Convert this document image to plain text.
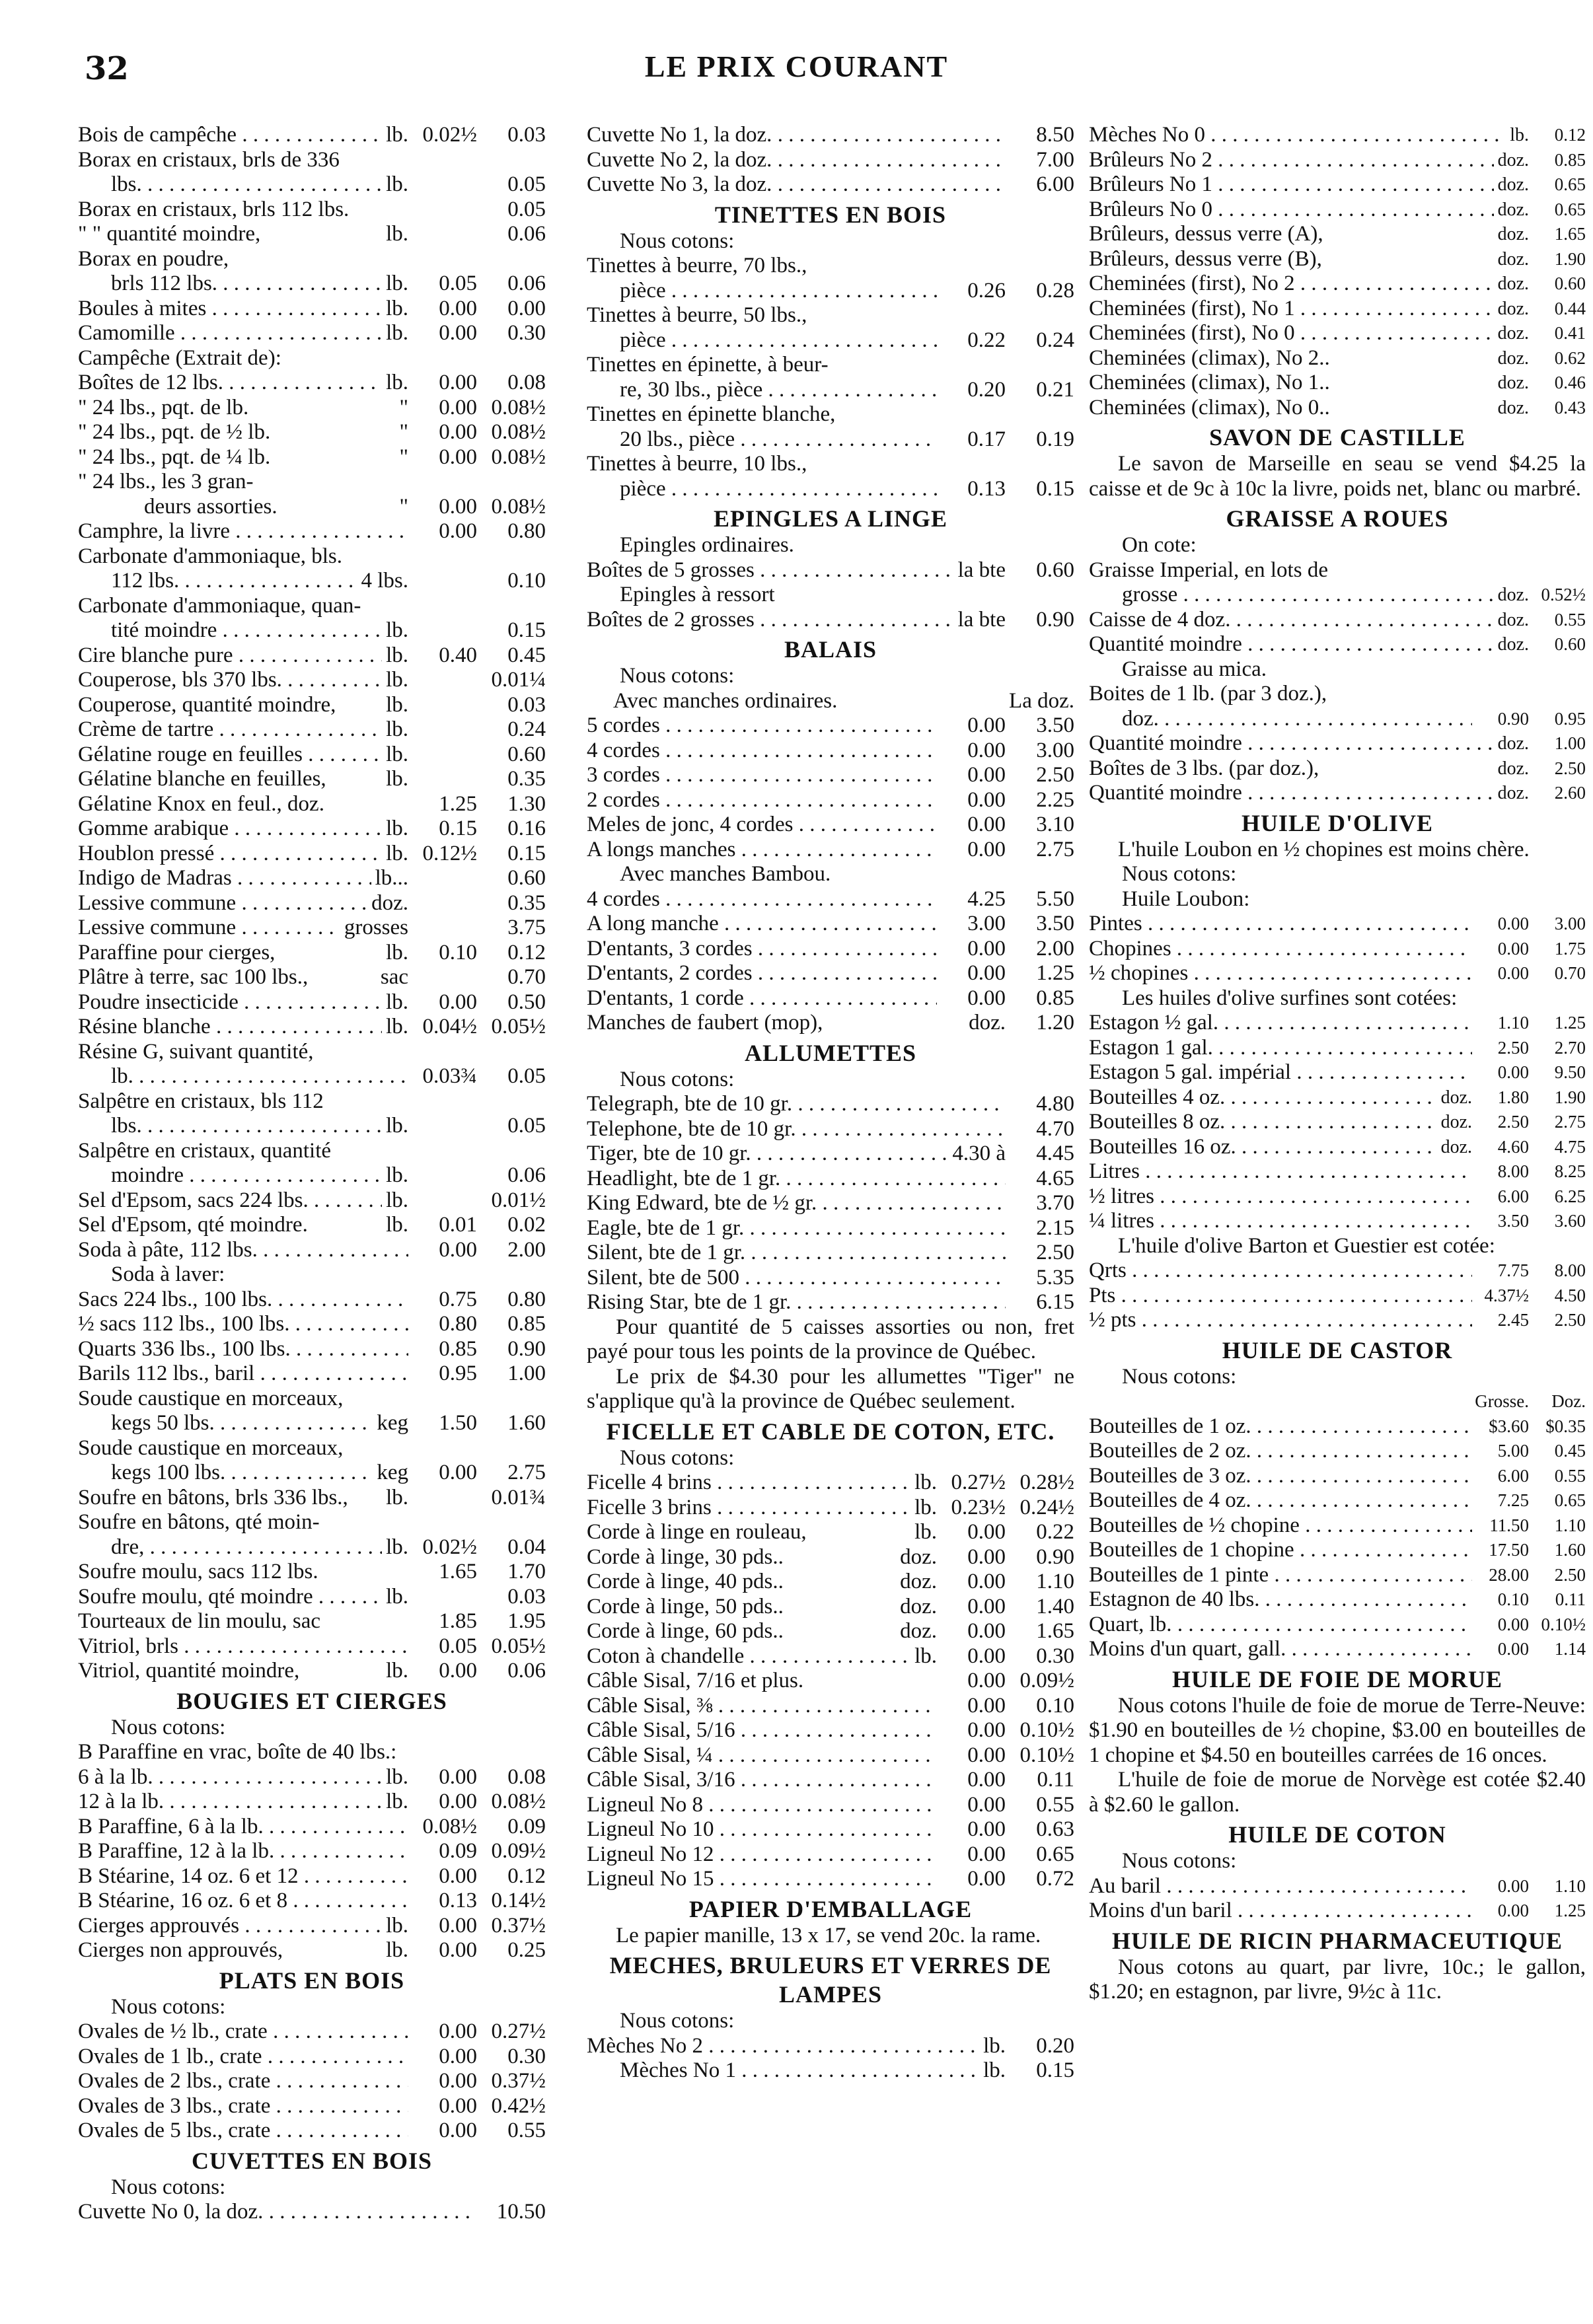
32	LE PRIX COURANT
Bois de campêche . . .	lb. 0.02½	0.03
Borax en cristaux, brls de 336
lbs. . . .	lb.	0.05
Borax en cristaux, brls 112 lbs.	0.05
" " quantité moindre,	lb.	0.06
Borax en poudre,
brls 112 lbs. . . .	lb.	0.05	0.06
Boules à mites . . .	lb.	0.00	0.00
Camomille . . .	lb.	0.00	0.30
Campêche (Extrait de):
Boîtes de 12 lbs. . . .	lb.	0.00	0.08
" 24 lbs., pqt. de lb.	"	0.00 0.08½
" 24 lbs., pqt. de ½ lb.	"	0.00 0.08½
" 24 lbs., pqt. de ¼ lb.	"	0.00 0.08½
" 24 lbs., les 3 gran-
deurs assorties.	"	0.00 0.08½
Camphre, la livre . . .	0.00	0.80
Carbonate d'ammoniaque, bls.
112 lbs. . . .	4 lbs.	0.10
Carbonate d'ammoniaque, quan-
tité moindre . . .	lb.	0.15
Cire blanche pure . . .	lb.	0.40	0.45
Couperose, bls 370 lbs. . . .	lb.	0.01¼
Couperose, quantité moindre,	lb.	0.03
Crème de tartre . . .	lb.	0.24
Gélatine rouge en feuilles . . .	lb.	0.60
Gélatine blanche en feuilles,	lb.	0.35
Gélatine Knox en feul., doz.	1.25	1.30
Gomme arabique . . .	lb.	0.15	0.16
Houblon pressé . . .	lb. 0.12½	0.15
Indigo de Madras . . .	lb...	0.60
Lessive commune . . .	doz.	0.35
Lessive commune . . .	grosses	3.75
Paraffine pour cierges,	lb.	0.10	0.12
Plâtre à terre, sac 100 lbs.,	sac	0.70
Poudre insecticide . . .	lb.	0.00	0.50
Résine blanche . . .	lb. 0.04½ 0.05½
Résine G, suivant quantité,
lb. . . .	0.03¾	0.05
Salpêtre en cristaux, bls 112
lbs. . . .	lb.	0.05
Salpêtre en cristaux, quantité
moindre . . .	lb.	0.06
Sel d'Epsom, sacs 224 lbs. . . .	lb.	0.01½
Sel d'Epsom, qté moindre.	lb.	0.01	0.02
Soda à pâte, 112 lbs. . . .	0.00	2.00
Soda à laver:
Sacs 224 lbs., 100 lbs. . . .	0.75	0.80
½ sacs 112 lbs., 100 lbs. . . .	0.80	0.85
Quarts 336 lbs., 100 lbs. . . .	0.85	0.90
Barils 112 lbs., baril . . .	0.95	1.00
Soude caustique en morceaux,
kegs 50 lbs. . . .	keg	1.50	1.60
Soude caustique en morceaux,
kegs 100 lbs. . . .	keg	0.00	2.75
Soufre en bâtons, brls 336 lbs.,	lb.	0.01¾
Soufre en bâtons, qté moin-
dre, . . .	lb. 0.02½	0.04
Soufre moulu, sacs 112 lbs.	1.65	1.70
Soufre moulu, qté moindre . . .	lb.	0.03
Tourteaux de lin moulu, sac	1.85	1.95
Vitriol, brls . . .	0.05 0.05½
Vitriol, quantité moindre,	lb.	0.00	0.06
BOUGIES ET CIERGES
Nous cotons:
B Paraffine en vrac, boîte de 40 lbs.:
6 à la lb. . . .	lb.	0.00	0.08
12 à la lb. . . .	lb.	0.00 0.08½
B Paraffine, 6 à la lb. . . .	0.08½	0.09
B Paraffine, 12 à la lb. . . .	0.09 0.09½
B Stéarine, 14 oz. 6 et 12 . . .	0.00	0.12
B Stéarine, 16 oz. 6 et 8 . . .	0.13 0.14½
Cierges approuvés . . .	lb.	0.00 0.37½
Cierges non approuvés,	lb.	0.00	0.25
PLATS EN BOIS
Nous cotons:
Ovales de ½ lb., crate . . .	0.00 0.27½
Ovales de 1 lb., crate . . .	0.00	0.30
Ovales de 2 lbs., crate . . .	0.00 0.37½
Ovales de 3 lbs., crate . . .	0.00 0.42½
Ovales de 5 lbs., crate . . .	0.00	0.55
CUVETTES EN BOIS
Nous cotons:
Cuvette No 0, la doz. . . .	10.50
Cuvette No 1, la doz. . . .	8.50
Cuvette No 2, la doz. . . .	7.00
Cuvette No 3, la doz. . . .	6.00
TINETTES EN BOIS
Nous cotons:
Tinettes à beurre, 70 lbs.,
pièce . . .	0.26	0.28
Tinettes à beurre, 50 lbs.,
pièce . . .	0.22	0.24
Tinettes en épinette, à beur-
re, 30 lbs., pièce . . .	0.20	0.21
Tinettes en épinette blanche,
20 lbs., pièce . . .	0.17	0.19
Tinettes à beurre, 10 lbs.,
pièce . . .	0.13	0.15
EPINGLES A LINGE
Epingles ordinaires.
Boîtes de 5 grosses . . .	la bte	0.60
Epingles à ressort
Boîtes de 2 grosses . . .	la bte	0.90
BALAIS
Nous cotons:
Avec manches ordinaires.	La doz.
5 cordes . . .	0.00	3.50
4 cordes . . .	0.00	3.00
3 cordes . . .	0.00	2.50
2 cordes . . .	0.00	2.25
Meles de jonc, 4 cordes . . .	0.00	3.10
A longs manches . . .	0.00	2.75
Avec manches Bambou.
4 cordes . . .	4.25	5.50
A long manche . . .	3.00	3.50
D'entants, 3 cordes . . .	0.00	2.00
D'entants, 2 cordes . . .	0.00	1.25
D'entants, 1 corde . . .	0.00	0.85
Manches de faubert (mop),	doz.	1.20
ALLUMETTES
Nous cotons:
Telegraph, bte de 10 gr. . . .	4.80
Telephone, bte de 10 gr. . . .	4.70
Tiger, bte de 10 gr. . . .	4.30 à	4.45
Headlight, bte de 1 gr. . . .	4.65
King Edward, bte de ½ gr. . . .	3.70
Eagle, bte de 1 gr. . . .	2.15
Silent, bte de 1 gr. . . .	2.50
Silent, bte de 500 . . .	5.35
Rising Star, bte de 1 gr. . . .	6.15
Pour quantité de 5 caisses assorties ou non, fret payé pour tous les points de la province de Québec.
Le prix de $4.30 pour les allumettes "Tiger" ne s'applique qu'à la province de Québec seulement.
FICELLE ET CABLE DE COTON, ETC.
Nous cotons:
Ficelle 4 brins . . .	lb. 0.27½ 0.28½
Ficelle 3 brins . . .	lb. 0.23½ 0.24½
Corde à linge en rouleau,	lb.	0.00	0.22
Corde à linge, 30 pds..	doz.	0.00	0.90
Corde à linge, 40 pds..	doz.	0.00	1.10
Corde à linge, 50 pds..	doz.	0.00	1.40
Corde à linge, 60 pds..	doz.	0.00	1.65
Coton à chandelle . . .	lb.	0.00	0.30
Câble Sisal, 7/16 et plus.	0.00 0.09½
Câble Sisal, ⅜ . . .	0.00	0.10
Câble Sisal, 5/16 . . .	0.00 0.10½
Câble Sisal, ¼ . . .	0.00 0.10½
Câble Sisal, 3/16 . . .	0.00	0.11
Ligneul No 8 . . .	0.00	0.55
Ligneul No 10 . . .	0.00	0.63
Ligneul No 12 . . .	0.00	0.65
Ligneul No 15 . . .	0.00	0.72
PAPIER D'EMBALLAGE
Le papier manille, 13 x 17, se vend 20c. la rame.
MECHES, BRULEURS ET VERRES DE LAMPES
Nous cotons:
Mèches No 2 . . .	lb.	0.20
Mèches No 1 . . .	lb.	0.15
Mèches No 0 . . .	lb.	0.12
Brûleurs No 2 . . .	doz.	0.85
Brûleurs No 1 . . .	doz.	0.65
Brûleurs No 0 . . .	doz.	0.65
Brûleurs, dessus verre (A),	doz.	1.65
Brûleurs, dessus verre (B),	doz.	1.90
Cheminées (first), No 2 . . .	doz.	0.60
Cheminées (first), No 1 . . .	doz.	0.44
Cheminées (first), No 0 . . .	doz.	0.41
Cheminées (climax), No 2..	doz.	0.62
Cheminées (climax), No 1..	doz.	0.46
Cheminées (climax), No 0..	doz.	0.43
SAVON DE CASTILLE
Le savon de Marseille en seau se vend $4.25 la caisse et de 9c à 10c la livre, poids net, blanc ou marbré.
GRAISSE A ROUES
On cote:
Graisse Imperial, en lots de
grosse . . .	doz. 0.52½
Caisse de 4 doz. . . .	doz.	0.55
Quantité moindre . . .	doz.	0.60
Graisse au mica.
Boites de 1 lb. (par 3 doz.),
doz. . . .	0.90	0.95
Quantité moindre . . .	doz.	1.00
Boîtes de 3 lbs. (par doz.),	doz.	2.50
Quantité moindre . . .	doz.	2.60
HUILE D'OLIVE
L'huile Loubon en ½ chopines est moins chère.
Nous cotons:
Huile Loubon:
Pintes . . .	0.00	3.00
Chopines . . .	0.00	1.75
½ chopines . . .	0.00	0.70
Les huiles d'olive surfines sont cotées:
Estagon ½ gal. . . .	1.10	1.25
Estagon 1 gal. . . .	2.50	2.70
Estagon 5 gal. impérial . . .	0.00	9.50
Bouteilles 4 oz. . . .	doz.	1.80	1.90
Bouteilles 8 oz. . . .	doz.	2.50	2.75
Bouteilles 16 oz. . . .	doz.	4.60	4.75
Litres . . .	8.00	8.25
½ litres . . .	6.00	6.25
¼ litres . . .	3.50	3.60
L'huile d'olive Barton et Guestier est cotée:
Qrts . . .	7.75	8.00
Pts . . .	4.37½	4.50
½ pts . . .	2.45	2.50
HUILE DE CASTOR
Nous cotons:
Grosse.	Doz.
Bouteilles de 1 oz. . . .	$3.60 $0.35
Bouteilles de 2 oz. . . .	5.00	0.45
Bouteilles de 3 oz. . . .	6.00	0.55
Bouteilles de 4 oz. . . .	7.25	0.65
Bouteilles de ½ chopine . . .	11.50	1.10
Bouteilles de 1 chopine . . .	17.50	1.60
Bouteilles de 1 pinte . . .	28.00	2.50
Estagnon de 40 lbs. . . .	0.10	0.11
Quart, lb. . . .	0.00 0.10½
Moins d'un quart, gall. . . .	0.00	1.14
HUILE DE FOIE DE MORUE
Nous cotons l'huile de foie de morue de Terre-Neuve: $1.90 en bouteilles de ½ chopine, $3.00 en bouteilles de 1 chopine et $4.50 en bouteilles carrées de 16 onces.
L'huile de foie de morue de Norvège est cotée $2.40 à $2.60 le gallon.
HUILE DE COTON
Nous cotons:
Au baril . . .	0.00	1.10
Moins d'un baril . . .	0.00	1.25
HUILE DE RICIN PHARMACEUTIQUE
Nous cotons au quart, par livre, 10c.; le gallon, $1.20; en estagnon, par livre, 9½c à 11c.
